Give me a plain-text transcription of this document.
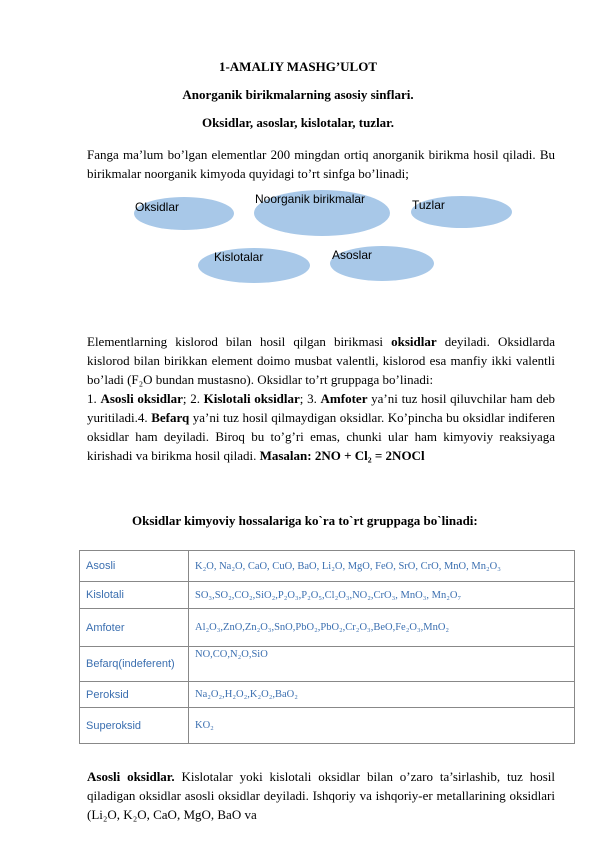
1-AMALIY MASHG’ULOT
Anorganik birikmalarning asosiy sinflari.
Oksidlar, asoslar, kislotalar, tuzlar.
Fanga ma’lum bo’lgan elementlar 200 mingdan ortiq anorganik birikma hosil qiladi. Bu birikmalar noorganik kimyoda quyidagi to’rt sinfga bo’linadi;
Oksidlar
Noorganik birikmalar	Tuzlar
Kislotalar	Asoslar
Elementlarning kislorod bilan hosil qilgan birikmasi oksidlar deyiladi. Oksidlarda kislorod bilan birikkan element doimo musbat valentli, kislorod esa manfiy ikki valentli bo’ladi (F₂O bundan mustasno). Oksidlar to’rt gruppaga bo’linadi:
1. Asosli oksidlar; 2. Kislotali oksidlar; 3. Amfoter ya’ni tuz hosil qiluvchilar ham deb yuritiladi.4. Befarq ya’ni tuz hosil qilmaydigan oksidlar. Ko’pincha bu oksidlar indiferen oksidlar ham deyiladi. Biroq bu to’g’ri emas, chunki ular ham kimyoviy reaksiyaga kirishadi va birikma hosil qiladi. Masalan: 2NO + Cl₂ = 2NOCl
Oksidlar kimyoviy hossalariga ko`ra to`rt gruppaga bo`linadi:
Asosli	K₂O, Na₂O, CaO, CuO, BaO, Li₂O, MgO, FeO, SrO, CrO, MnO, Mn₂O₃
Kislotali	SO₃,SO₂,CO₂,SiO₂,P₂O₃,P₂O₅,Cl₂O₃,NO₂,CrO₃, MnO₃, Mn₂O₇
Amfoter	Al₂O₃,ZnO,Zn₂O₃,SnO,PbO₂,PbO₂,Cr₂O₃,BeO,Fe₂O₃,MnO₂
Befarq(indeferent)	NO,CO,N₂O,SiO
Peroksid	Na₂O₂,H₂O₂,K₂O₂,BaO₂
Superoksid	KO₂
Asosli oksidlar. Kislotalar yoki kislotali oksidlar bilan o’zaro ta’sirlashib, tuz hosil qiladigan oksidlar asosli oksidlar deyiladi. Ishqoriy va ishqoriy-er metallarining oksidlari (Li₂O, K₂O, CaO, MgO, BaO va
